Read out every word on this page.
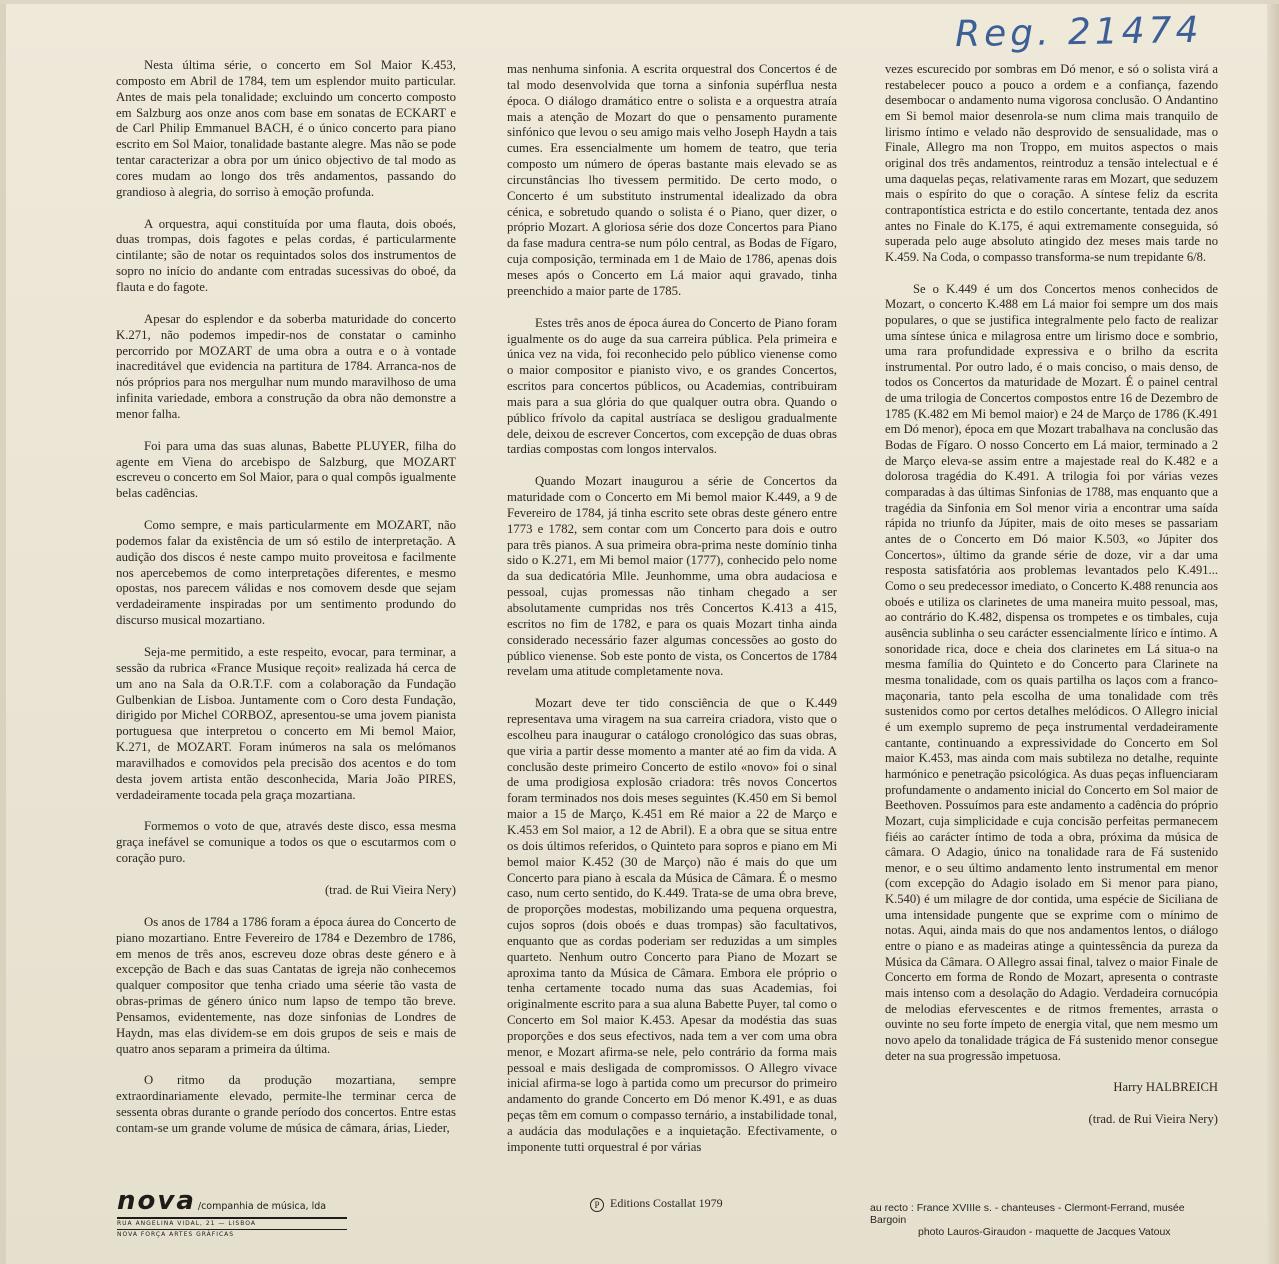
Reg. 21474

Nesta última série, o concerto em Sol Maior K.453, composto em Abril de 1784, tem um esplendor muito particular. Antes de mais pela tonalidade; excluindo um concerto composto em Salzburg aos onze anos com base em sonatas de ECKART e de Carl Philip Emmanuel BACH, é o único concerto para piano escrito em Sol Maior, tonalidade bastante alegre. Mas não se pode tentar caracterizar a obra por um único objectivo de tal modo as cores mudam ao longo dos três andamentos, passando do grandioso à alegria, do sorriso à emoção profunda.

A orquestra, aqui constituída por uma flauta, dois oboés, duas trompas, dois fagotes e pelas cordas, é particularmente cintilante; são de notar os requintados solos dos instrumentos de sopro no início do andante com entradas sucessivas do oboé, da flauta e do fagote.

Apesar do esplendor e da soberba maturidade do concerto K.271, não podemos impedir-nos de constatar o caminho percorrido por MOZART de uma obra a outra e o à vontade inacreditável que evidencia na partitura de 1784. Arranca-nos de nós próprios para nos mergulhar num mundo maravilhoso de uma infinita variedade, embora a construção da obra não demonstre a menor falha.

Foi para uma das suas alunas, Babette PLUYER, filha do agente em Viena do arcebispo de Salzburg, que MOZART escreveu o concerto em Sol Maior, para o qual compôs igualmente belas cadências.

Como sempre, e mais particularmente em MOZART, não podemos falar da existência de um só estilo de interpretação. A audição dos discos é neste campo muito proveitosa e facilmente nos apercebemos de como interpretações diferentes, e mesmo opostas, nos parecem válidas e nos comovem desde que sejam verdadeiramente inspiradas por um sentimento produndo do discurso musical mozartiano.

Seja-me permitido, a este respeito, evocar, para terminar, a sessão da rubrica «France Musique reçoit» realizada há cerca de um ano na Sala da O.R.T.F. com a colaboração da Fundação Gulbenkian de Lisboa. Juntamente com o Coro desta Fundação, dirigido por Michel CORBOZ, apresentou-se uma jovem pianista portuguesa que interpretou o concerto em Mi bemol Maior, K.271, de MOZART. Foram inúmeros na sala os melómanos maravilhados e comovidos pela precisão dos acentos e do tom desta jovem artista então desconhecida, Maria João PIRES, verdadeiramente tocada pela graça mozartiana.

Formemos o voto de que, através deste disco, essa mesma graça inefável se comunique a todos os que o escutarmos com o coração puro.

(trad. de Rui Vieira Nery)

Os anos de 1784 a 1786 foram a época áurea do Concerto de piano mozartiano. Entre Fevereiro de 1784 e Dezembro de 1786, em menos de três anos, escreveu doze obras deste género e à excepção de Bach e das suas Cantatas de igreja não conhecemos qualquer compositor que tenha criado uma séerie tão vasta de obras-primas de género único num lapso de tempo tão breve. Pensamos, evidentemente, nas doze sinfonias de Londres de Haydn, mas elas dividem-se em dois grupos de seis e mais de quatro anos separam a primeira da última.

O ritmo da produção mozartiana, sempre extraordinariamente elevado, permite-lhe terminar cerca de sessenta obras durante o grande período dos concertos. Entre estas contam-se um grande volume de música de câmara, árias, Lieder,

mas nenhuma sinfonia. A escrita orquestral dos Concertos é de tal modo desenvolvida que torna a sinfonia supérflua nesta época. O diálogo dramático entre o solista e a orquestra atraía mais a atenção de Mozart do que o pensamento puramente sinfónico que levou o seu amigo mais velho Joseph Haydn a tais cumes. Era essencialmente um homem de teatro, que teria composto um número de óperas bastante mais elevado se as circunstâncias lho tivessem permitido. De certo modo, o Concerto é um substituto instrumental idealizado da obra cénica, e sobretudo quando o solista é o Piano, quer dizer, o próprio Mozart. A gloriosa série dos doze Concertos para Piano da fase madura centra-se num pólo central, as Bodas de Fígaro, cuja composição, terminada em 1 de Maio de 1786, apenas dois meses após o Concerto em Lá maior aqui gravado, tinha preenchido a maior parte de 1785.

Estes três anos de época áurea do Concerto de Piano foram igualmente os do auge da sua carreira pública. Pela primeira e única vez na vida, foi reconhecido pelo público vienense como o maior compositor e pianisto vivo, e os grandes Concertos, escritos para concertos públicos, ou Academias, contribuiram mais para a sua glória do que qualquer outra obra. Quando o público frívolo da capital austríaca se desligou gradualmente dele, deixou de escrever Concertos, com excepção de duas obras tardias compostas com longos intervalos.

Quando Mozart inaugurou a série de Concertos da maturidade com o Concerto em Mi bemol maior K.449, a 9 de Fevereiro de 1784, já tinha escrito sete obras deste género entre 1773 e 1782, sem contar com um Concerto para dois e outro para três pianos. A sua primeira obra-prima neste domínio tinha sido o K.271, em Mi bemol maior (1777), conhecido pelo nome da sua dedicatória Mlle. Jeunhomme, uma obra audaciosa e pessoal, cujas promessas não tinham chegado a ser absolutamente cumpridas nos três Concertos K.413 a 415, escritos no fim de 1782, e para os quais Mozart tinha ainda considerado necessário fazer algumas concessões ao gosto do público vienense. Sob este ponto de vista, os Concertos de 1784 revelam uma atitude completamente nova.

Mozart deve ter tido consciência de que o K.449 representava uma viragem na sua carreira criadora, visto que o escolheu para inaugurar o catálogo cronológico das suas obras, que viria a partir desse momento a manter até ao fim da vida. A conclusão deste primeiro Concerto de estilo «novo» foi o sinal de uma prodigiosa explosão criadora: três novos Concertos foram terminados nos dois meses seguintes (K.450 em Si bemol maior a 15 de Março, K.451 em Ré maior a 22 de Março e K.453 em Sol maior, a 12 de Abril). E a obra que se situa entre os dois últimos referidos, o Quinteto para sopros e piano em Mi bemol maior K.452 (30 de Março) não é mais do que um Concerto para piano à escala da Música de Câmara. É o mesmo caso, num certo sentido, do K.449. Trata-se de uma obra breve, de proporções modestas, mobilizando uma pequena orquestra, cujos sopros (dois oboés e duas trompas) são facultativos, enquanto que as cordas poderiam ser reduzidas a um simples quarteto. Nenhum outro Concerto para Piano de Mozart se aproxima tanto da Música de Câmara. Embora ele próprio o tenha certamente tocado numa das suas Academias, foi originalmente escrito para a sua aluna Babette Puyer, tal como o Concerto em Sol maior K.453. Apesar da modéstia das suas proporções e dos seus efectivos, nada tem a ver com uma obra menor, e Mozart afirma-se nele, pelo contrário da forma mais pessoal e mais desligada de compromissos. O Allegro vivace inicial afirma-se logo à partida como um precursor do primeiro andamento do grande Concerto em Dó menor K.491, e as duas peças têm em comum o compasso ternário, a instabilidade tonal, a audácia das modulações e a inquietação. Efectivamente, o imponente tutti orquestral é por várias

vezes escurecido por sombras em Dó menor, e só o solista virá a restabelecer pouco a pouco a ordem e a confiança, fazendo desembocar o andamento numa vigorosa conclusão. O Andantino em Si bemol maior desenrola-se num clima mais tranquilo de lirismo íntimo e velado não desprovido de sensualidade, mas o Finale, Allegro ma non Troppo, em muitos aspectos o mais original dos três andamentos, reintroduz a tensão intelectual e é uma daquelas peças, relativamente raras em Mozart, que seduzem mais o espírito do que o coração. A síntese feliz da escrita contrapontística estricta e do estilo concertante, tentada dez anos antes no Finale do K.175, é aqui extremamente conseguida, só superada pelo auge absoluto atingido dez meses mais tarde no K.459. Na Coda, o compasso transforma-se num trepidante 6/8.

Se o K.449 é um dos Concertos menos conhecidos de Mozart, o concerto K.488 em Lá maior foi sempre um dos mais populares, o que se justifica integralmente pelo facto de realizar uma síntese única e milagrosa entre um lirismo doce e sombrio, uma rara profundidade expressiva e o brilho da escrita instrumental. Por outro lado, é o mais conciso, o mais denso, de todos os Concertos da maturidade de Mozart. É o painel central de uma trilogia de Concertos compostos entre 16 de Dezembro de 1785 (K.482 em Mi bemol maior) e 24 de Março de 1786 (K.491 em Dó menor), época em que Mozart trabalhava na conclusão das Bodas de Fígaro. O nosso Concerto em Lá maior, terminado a 2 de Março eleva-se assim entre a majestade real do K.482 e a dolorosa tragédia do K.491. A trilogia foi por várias vezes comparadas à das últimas Sinfonias de 1788, mas enquanto que a tragédia da Sinfonia em Sol menor viria a encontrar uma saída rápida no triunfo da Júpiter, mais de oito meses se passariam antes de o Concerto em Dó maior K.503, «o Júpiter dos Concertos», último da grande série de doze, vir a dar uma resposta satisfatória aos problemas levantados pelo K.491... Como o seu predecessor imediato, o Concerto K.488 renuncia aos oboés e utiliza os clarinetes de uma maneira muito pessoal, mas, ao contrário do K.482, dispensa os trompetes e os timbales, cuja ausência sublinha o seu carácter essencialmente lírico e íntimo. A sonoridade rica, doce e cheia dos clarinetes em Lá situa-o na mesma família do Quinteto e do Concerto para Clarinete na mesma tonalidade, com os quais partilha os laços com a franco-maçonaria, tanto pela escolha de uma tonalidade com três sustenidos como por certos detalhes melódicos. O Allegro inicial é um exemplo supremo de peça instrumental verdadeiramente cantante, continuando a expressividade do Concerto em Sol maior K.453, mas ainda com mais subtileza no detalhe, requinte harmónico e penetração psicológica. As duas peças influenciaram profundamente o andamento inicial do Concerto em Sol maior de Beethoven. Possuímos para este andamento a cadência do próprio Mozart, cuja simplicidade e cuja concisão perfeitas permanecem fiéis ao carácter íntimo de toda a obra, próxima da música de câmara. O Adagio, único na tonalidade rara de Fá sustenido menor, e o seu último andamento lento instrumental em menor (com excepção do Adagio isolado em Si menor para piano, K.540) é um milagre de dor contida, uma espécie de Siciliana de uma intensidade pungente que se exprime com o mínimo de notas. Aqui, ainda mais do que nos andamentos lentos, o diálogo entre o piano e as madeiras atinge a quintessência da pureza da Música da Câmara. O Allegro assai final, talvez o maior Finale de Concerto em forma de Rondo de Mozart, apresenta o contraste mais intenso com a desolação do Adagio. Verdadeira cornucópia de melodias efervescentes e de ritmos frementes, arrasta o ouvinte no seu forte ímpeto de energia vital, que nem mesmo um novo apelo da tonalidade trágica de Fá sustenido menor consegue deter na sua progressão impetuosa.

Harry HALBREICH

(trad. de Rui Vieira Nery)

nova /companhia de música, lda
RUA ANGELINA VIDAL, 21 — LISBOA
NOVA FORÇA ARTES GRÁFICAS
P Editions Costallat 1979	au recto : France XVIIIe s. - chanteuses - Clermont-Ferrand, musée Bargoin
photo Lauros-Giraudon - maquette de Jacques Vatoux
